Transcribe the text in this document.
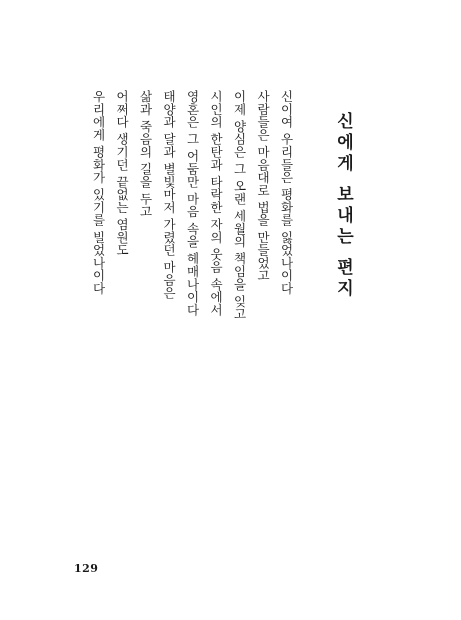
신에게 보내는 편지
신이여 우리들은 평화를 잃었나이다
사람들은 마음대로 법을 만들었고
이제 양심은 그 오랜 세월의 책임을 잊고
시인의 한탄과 타락한 자의 웃음 속에서
영혼은 그 어둠만 마음 속을 헤매나이다
태양과 달과 별빛마저 가렸던 마음은
삶과 죽음의 길을 두고
어쩌다 생기던 끝없는 염원도
우리에게 평화가 있기를 빌었나이다
129
